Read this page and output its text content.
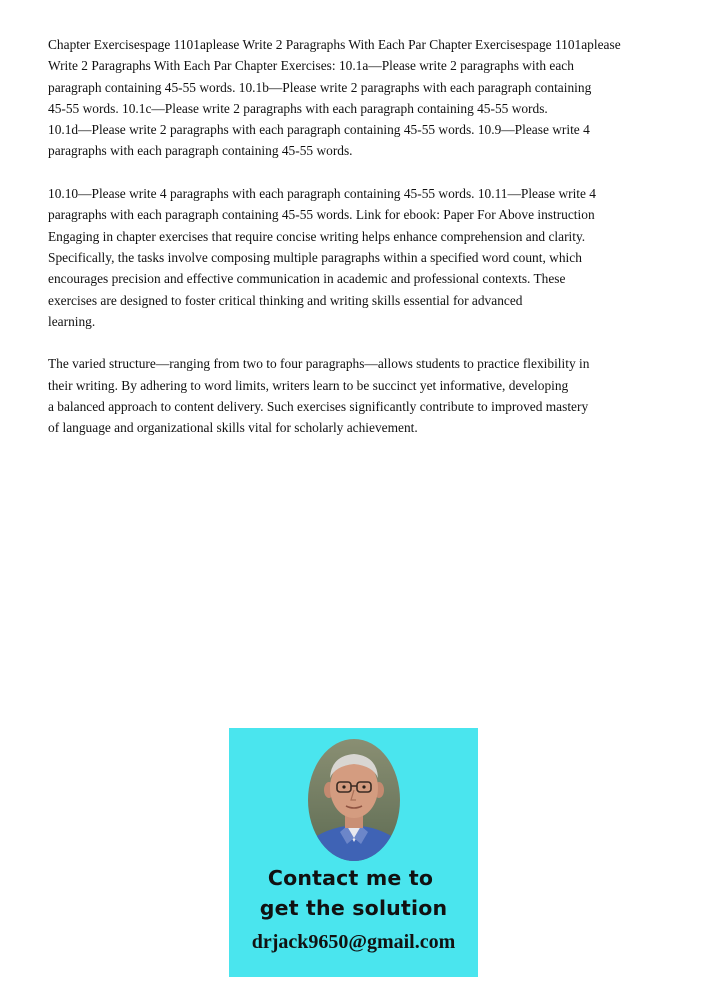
Chapter Exercisespage 1101aplease Write 2 Paragraphs With Each Par Chapter Exercisespage 1101aplease
Write 2 Paragraphs With Each Par Chapter Exercises: 10.1a—Please write 2 paragraphs with each
paragraph containing 45-55 words. 10.1b—Please write 2 paragraphs with each paragraph containing
45-55 words. 10.1c—Please write 2 paragraphs with each paragraph containing 45-55 words.
10.1d—Please write 2 paragraphs with each paragraph containing 45-55 words. 10.9—Please write 4
paragraphs with each paragraph containing 45-55 words.

10.10—Please write 4 paragraphs with each paragraph containing 45-55 words. 10.11—Please write 4
paragraphs with each paragraph containing 45-55 words. Link for ebook: Paper For Above instruction
Engaging in chapter exercises that require concise writing helps enhance comprehension and clarity.
Specifically, the tasks involve composing multiple paragraphs within a specified word count, which
encourages precision and effective communication in academic and professional contexts. These
exercises are designed to foster critical thinking and writing skills essential for advanced
learning.

The varied structure—ranging from two to four paragraphs—allows students to practice flexibility in
their writing. By adhering to word limits, writers learn to be succinct yet informative, developing
a balanced approach to content delivery. Such exercises significantly contribute to improved mastery
of language and organizational skills vital for scholarly achievement.

Contact me to
get the solution
drjack9650@gmail.com
